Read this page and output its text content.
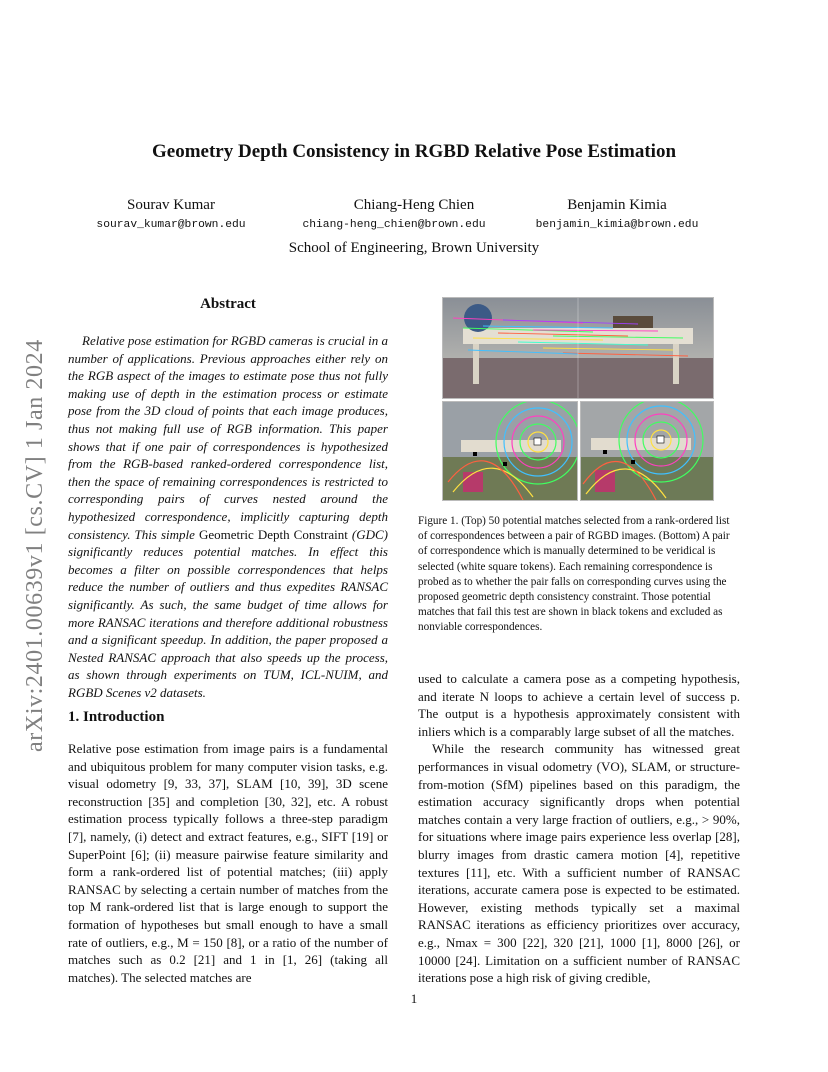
arXiv:2401.00639v1 [cs.CV] 1 Jan 2024
Geometry Depth Consistency in RGBD Relative Pose Estimation
Sourav Kumar	Chiang-Heng Chien	Benjamin Kimia
sourav_kumar@brown.edu	chiang-heng_chien@brown.edu	benjamin_kimia@brown.edu
School of Engineering, Brown University
Abstract
Relative pose estimation for RGBD cameras is crucial in a number of applications. Previous approaches either rely on the RGB aspect of the images to estimate pose thus not fully making use of depth in the estimation process or estimate pose from the 3D cloud of points that each image produces, thus not making full use of RGB information. This paper shows that if one pair of correspondences is hypothesized from the RGB-based ranked-ordered correspondence list, then the space of remaining correspondences is restricted to corresponding pairs of curves nested around the hypothesized correspondence, implicitly capturing depth consistency. This simple Geometric Depth Constraint (GDC) significantly reduces potential matches. In effect this becomes a filter on possible correspondences that helps reduce the number of outliers and thus expedites RANSAC significantly. As such, the same budget of time allows for more RANSAC iterations and therefore additional robustness and a significant speedup. In addition, the paper proposed a Nested RANSAC approach that also speeds up the process, as shown through experiments on TUM, ICL-NUIM, and RGBD Scenes v2 datasets.
Figure 1. (Top) 50 potential matches selected from a rank-ordered list of correspondences between a pair of RGBD images. (Bottom) A pair of correspondence which is manually determined to be veridical is selected (white square tokens). Each remaining correspondence is probed as to whether the pair falls on corresponding curves using the proposed geometric depth consistency constraint. Those potential matches that fail this test are shown in black tokens and excluded as nonviable correspondences.
1. Introduction
Relative pose estimation from image pairs is a fundamental and ubiquitous problem for many computer vision tasks, e.g. visual odometry [9, 33, 37], SLAM [10, 39], 3D scene reconstruction [35] and completion [30, 32], etc. A robust estimation process typically follows a three-step paradigm [7], namely, (i) detect and extract features, e.g., SIFT [19] or SuperPoint [6]; (ii) measure pairwise feature similarity and form a rank-ordered list of potential matches; (iii) apply RANSAC by selecting a certain number of matches from the top M rank-ordered list that is large enough to support the formation of hypotheses but small enough to have a small rate of outliers, e.g., M = 150 [8], or a ratio of the number of matches such as 0.2 [21] and 1 in [1, 26] (taking all matches). The selected matches are

used to calculate a camera pose as a competing hypothesis, and iterate N loops to achieve a certain level of success p. The output is a hypothesis approximately consistent with inliers which is a comparably large subset of all the matches.

While the research community has witnessed great performances in visual odometry (VO), SLAM, or structure-from-motion (SfM) pipelines based on this paradigm, the estimation accuracy significantly drops when potential matches contain a very large fraction of outliers, e.g., > 90%, for situations where image pairs experience less overlap [28], blurry images from drastic camera motion [4], repetitive textures [11], etc. With a sufficient number of RANSAC iterations, accurate camera pose is expected to be estimated. However, existing methods typically set a maximal RANSAC iterations as efficiency prioritizes over accuracy, e.g., Nmax = 300 [22], 320 [21], 1000 [1], 8000 [26], or 10000 [24]. Limitation on a sufficient number of RANSAC iterations pose a high risk of giving credible,

1
